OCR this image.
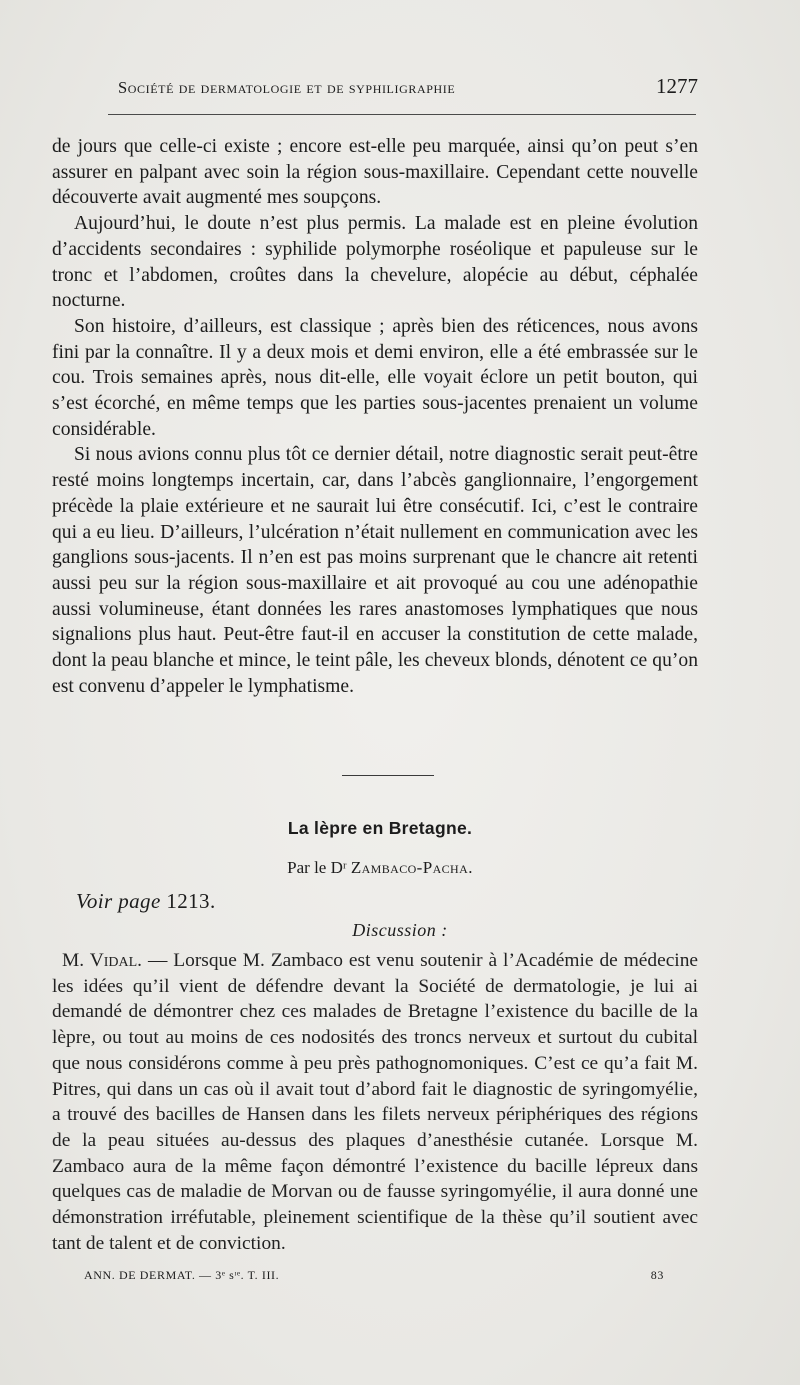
Société de dermatologie et de syphiligraphie	1277

de jours que celle-ci existe ; encore est-elle peu marquée, ainsi qu’on peut s’en assurer en palpant avec soin la région sous-maxillaire. Cependant cette nouvelle découverte avait augmenté mes soupçons.

Aujourd’hui, le doute n’est plus permis. La malade est en pleine évolution d’accidents secondaires : syphilide polymorphe roséolique et papuleuse sur le tronc et l’abdomen, croûtes dans la chevelure, alopécie au début, céphalée nocturne.

Son histoire, d’ailleurs, est classique ; après bien des réticences, nous avons fini par la connaître. Il y a deux mois et demi environ, elle a été embrassée sur le cou. Trois semaines après, nous dit-elle, elle voyait éclore un petit bouton, qui s’est écorché, en même temps que les parties sous-jacentes prenaient un volume considérable.

Si nous avions connu plus tôt ce dernier détail, notre diagnostic serait peut-être resté moins longtemps incertain, car, dans l’abcès ganglionnaire, l’engorgement précède la plaie extérieure et ne saurait lui être consécutif. Ici, c’est le contraire qui a eu lieu. D’ailleurs, l’ulcération n’était nullement en communication avec les ganglions sous-jacents. Il n’en est pas moins surprenant que le chancre ait retenti aussi peu sur la région sous-maxillaire et ait provoqué au cou une adénopathie aussi volumineuse, étant données les rares anastomoses lymphatiques que nous signalions plus haut. Peut-être faut-il en accuser la constitution de cette malade, dont la peau blanche et mince, le teint pâle, les cheveux blonds, dénotent ce qu’on est convenu d’appeler le lymphatisme.

La lèpre en Bretagne.
Par le Dʳ Zambaco-Pacha.
Voir page 1213.
Discussion :

M. Vidal. — Lorsque M. Zambaco est venu soutenir à l’Académie de médecine les idées qu’il vient de défendre devant la Société de dermatologie, je lui ai demandé de démontrer chez ces malades de Bretagne l’existence du bacille de la lèpre, ou tout au moins de ces nodosités des troncs nerveux et surtout du cubital que nous considérons comme à peu près pathognomoniques. C’est ce qu’a fait M. Pitres, qui dans un cas où il avait tout d’abord fait le diagnostic de syringomyélie, a trouvé des bacilles de Hansen dans les filets nerveux périphériques des régions de la peau situées au-dessus des plaques d’anesthésie cutanée. Lorsque M. Zambaco aura de la même façon démontré l’existence du bacille lépreux dans quelques cas de maladie de Morvan ou de fausse syringomyélie, il aura donné une démonstration irréfutable, pleinement scientifique de la thèse qu’il soutient avec tant de talent et de conviction.

ANN. DE DERMAT. — 3ᵉ sᶦᵉ. T. III.	83
